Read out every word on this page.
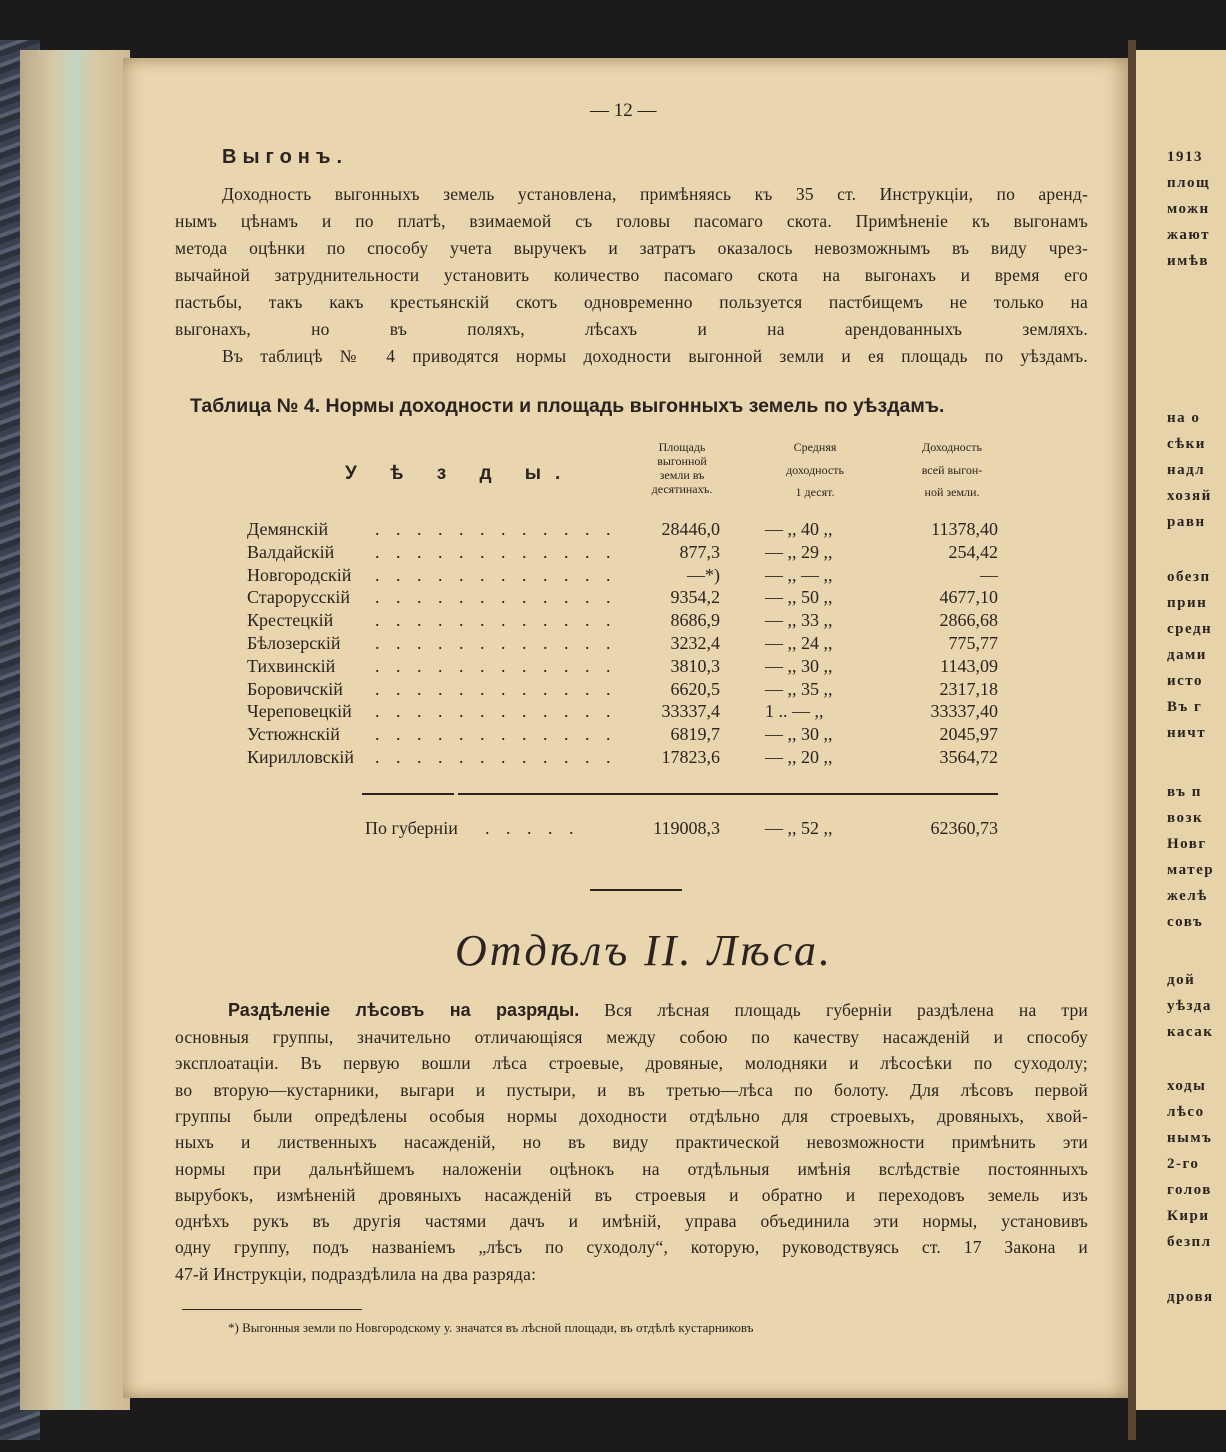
1913
площ
можн
жают
имѣв
на о
сѣки
надл
хозяй
равн
обезп
прин
средн
дами
исто
Въ г
ничт
въ п
возк
Новг
матер
желѣ
совъ
дой
уѣзда
касак
ходы
лѣсо
нымъ
2-го
голов
Кири
безпл
дровя
— 12 —
Выгонъ.
Доходность выгонныхъ земель установлена, примѣняясь къ 35 ст. Инструкціи, по аренд-
нымъ цѣнамъ и по платѣ, взимаемой съ головы пасомаго скота. Примѣненіе къ выгонамъ
метода оцѣнки по способу учета выручекъ и затратъ оказалось невозможнымъ въ виду чрез-
вычайной затруднительности установить количество пасомаго скота на выгонахъ и время его
пастьбы, такъ какъ крестьянскій скотъ одновременно пользуется пастбищемъ не только на
выгонахъ, но въ поляхъ, лѣсахъ и на арендованныхъ земляхъ.
Въ таблицѣ № 4 приводятся нормы доходности выгонной земли и ея площадь по уѣздамъ.
Таблица № 4. Нормы доходности и площадь выгонныхъ земель по уѣздамъ.
У ѣ з д ы.
Площадь
выгонной
земли въ
десятинахъ.
Средняя
доходность
1 десят.
Доходность
всей выгон-
ной земли.
Демянскій	. . . . . . . . . . . .	28446,0	— ,, 40 ,,	11378,40
Валдайскій . . . . . . . . . . . .	877,3	— ,, 29 ,,	254,42
Новгородскій . . . . . . . . . . . .	—*)	— ,, — ,,	—
Старорусскій . . . . . . . . . . . .	9354,2	— ,, 50 ,,	4677,10
Крестецкій . . . . . . . . . . . .	8686,9	— ,, 33 ,,	2866,68
Бѣлозерскій . . . . . . . . . . . .	3232,4	— ,, 24 ,,	775,77
Тихвинскій . . . . . . . . . . . .	3810,3	— ,, 30 ,,	1143,09
Боровичскій . . . . . . . . . . . .	6620,5	— ,, 35 ,,	2317,18
Череповецкій . . . . . . . . . . . .	33337,4	1 .. — ,,	33337,40
Устюжнскій . . . . . . . . . . . .	6819,7	— ,, 30 ,,	2045,97
Кирилловскій . . . . . . . . . . . .	17823,6	— ,, 20 ,,	3564,72
По губерніи . . . . .	119008,3	— ,, 52 ,,	62360,73
Отдѣлъ II. Лѣса.
Раздѣленіе лѣсовъ на разряды. Вся лѣсная площадь губерніи раздѣлена на три
основныя группы, значительно отличающіяся между собою по качеству насажденій и способу
эксплоатаціи. Въ первую вошли лѣса строевые, дровяные, молодняки и лѣсосѣки по суходолу;
во вторую—кустарники, выгари и пустыри, и въ третью—лѣса по болоту. Для лѣсовъ первой
группы были опредѣлены особыя нормы доходности отдѣльно для строевыхъ, дровяныхъ, хвой-
ныхъ и лиственныхъ насажденій, но въ виду практической невозможности примѣнить эти
нормы при дальнѣйшемъ наложеніи оцѣнокъ на отдѣльныя имѣнія вслѣдствіе постоянныхъ
вырубокъ, измѣненій дровяныхъ насажденій въ строевыя и обратно и переходовъ земель изъ
однѣхъ рукъ въ другія частями дачъ и имѣній, управа объединила эти нормы, установивъ
одну группу, подъ названіемъ „лѣсъ по суходолу“, которую, руководствуясь ст. 17 Закона и
47-й Инструкціи, подраздѣлила на два разряда:
*) Выгонныя земли по Новгородскому у. значатся въ лѣсной площади, въ отдѣлѣ кустарниковъ
